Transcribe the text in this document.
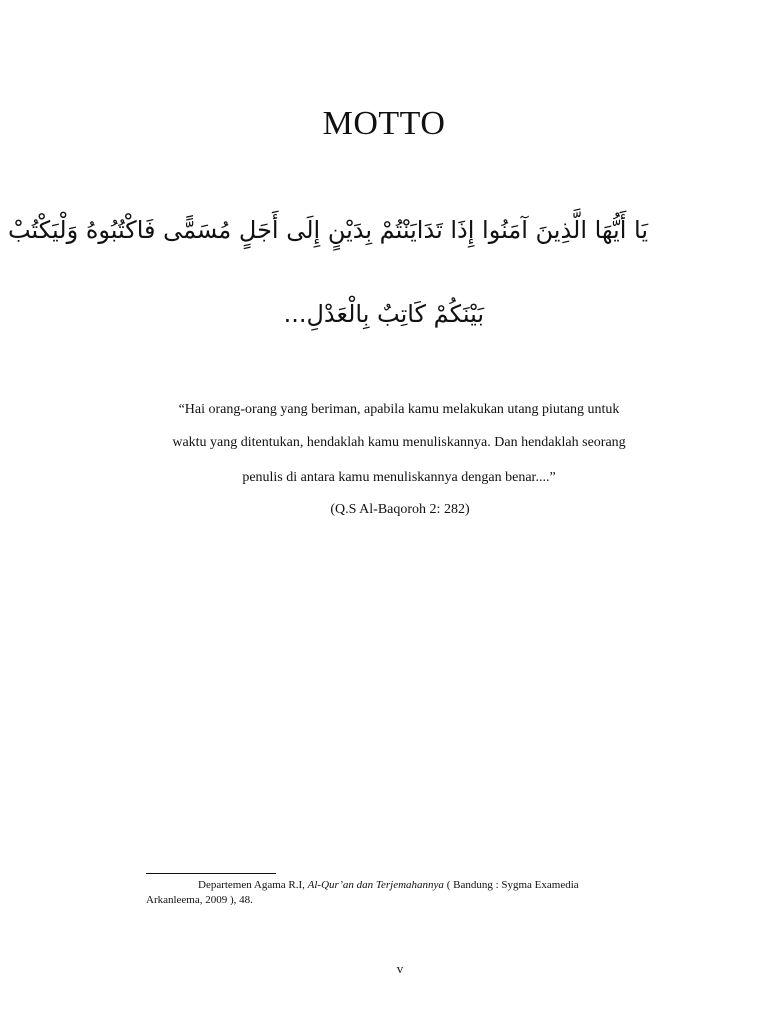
MOTTO
يَا أَيُّهَا الَّذِينَ آمَنُوا إِذَا تَدَايَنْتُمْ بِدَيْنٍ إِلَى أَجَلٍ مُسَمًّى فَاكْتُبُوهُ وَلْيَكْتُبْ
بَيْنَكُمْ كَاتِبٌ بِالْعَدْلِ...
“Hai orang-orang yang beriman, apabila kamu melakukan utang piutang untuk
waktu yang ditentukan, hendaklah kamu menuliskannya. Dan hendaklah seorang
penulis di antara kamu menuliskannya dengan benar....”
(Q.S Al-Baqoroh 2: 282)
Departemen Agama R.I, Al-Qur’an dan Terjemahannya ( Bandung : Sygma Examedia
Arkanleema, 2009 ), 48.
v
